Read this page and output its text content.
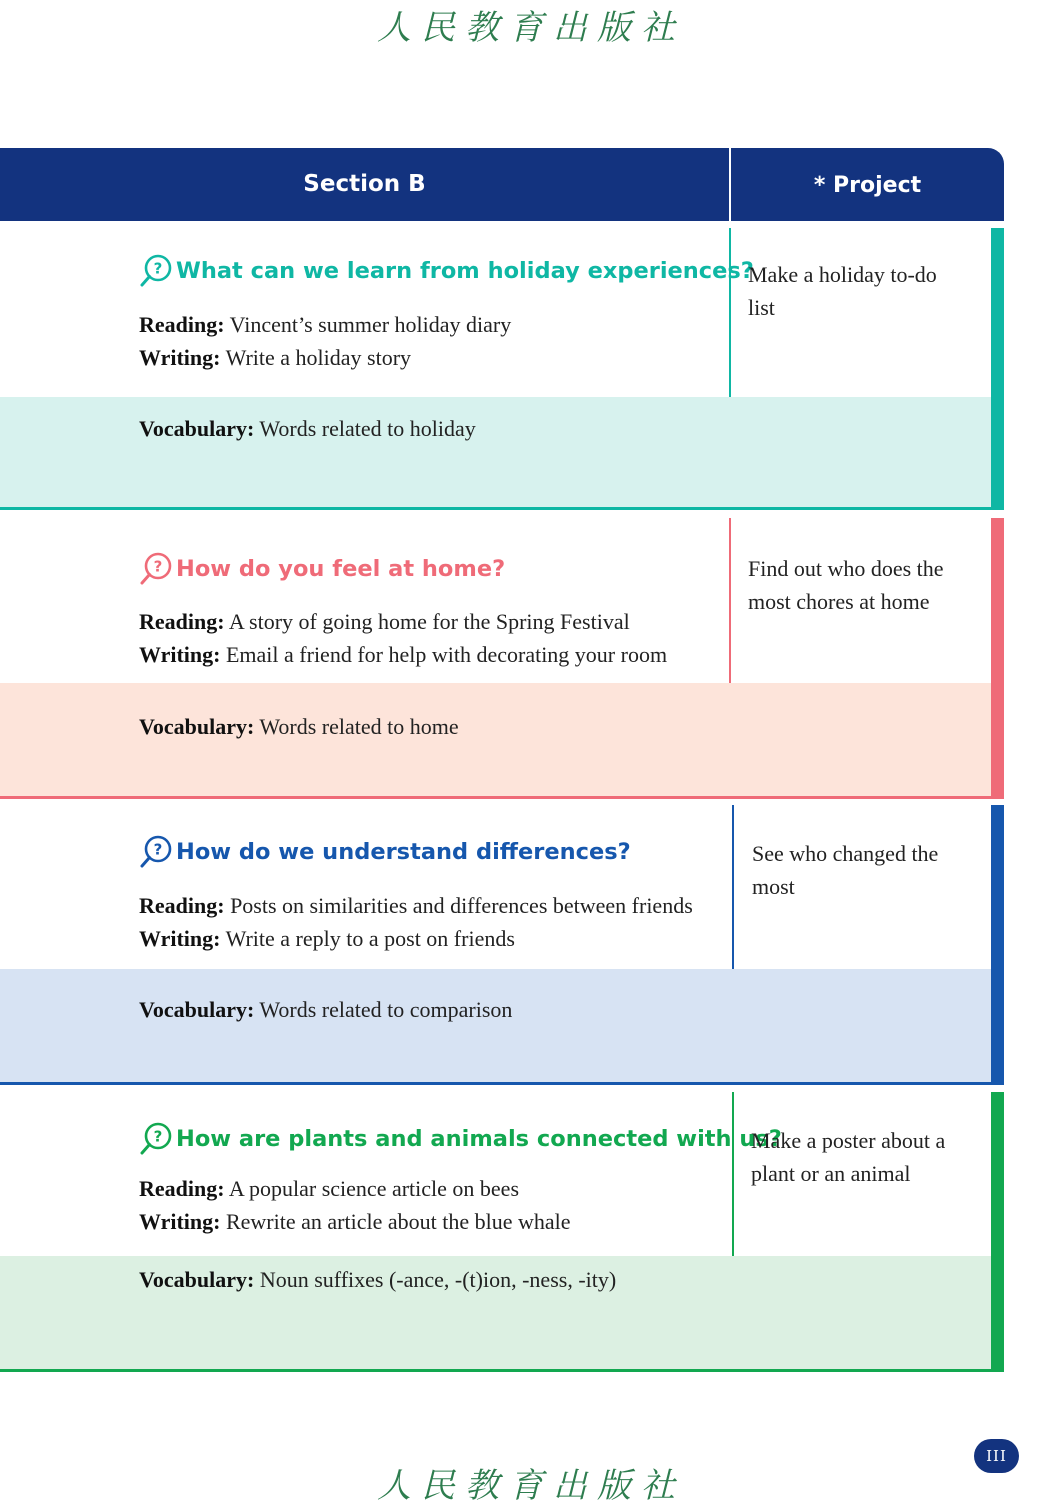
人民教育出版社
Section B	* Project
? What can we learn from holiday experiences?
Reading: Vincent’s summer holiday diary
Writing: Write a holiday story
Vocabulary: Words related to holiday
Make a holiday to-do list
? How do you feel at home?
Reading: A story of going home for the Spring Festival
Writing: Email a friend for help with decorating your room
Vocabulary: Words related to home
Find out who does the most chores at home
? How do we understand differences?
Reading: Posts on similarities and differences between friends
Writing: Write a reply to a post on friends
Vocabulary: Words related to comparison
See who changed the most
? How are plants and animals connected with us?
Reading: A popular science article on bees
Writing: Rewrite an article about the blue whale
Vocabulary: Noun suffixes (-ance, -(t)ion, -ness, -ity)
Make a poster about a plant or an animal
人民教育出版社
III
